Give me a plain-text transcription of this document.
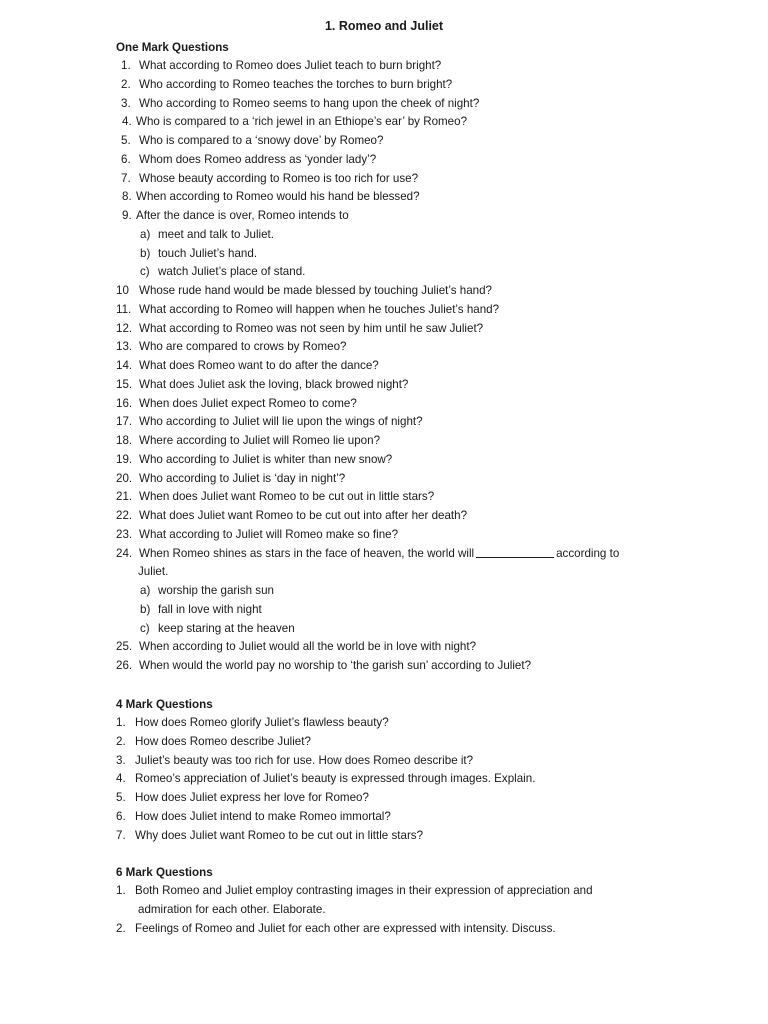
1. Romeo and Juliet
One Mark Questions
1. What according to Romeo does Juliet teach to burn bright?
2. Who according to Romeo teaches the torches to burn bright?
3. Who according to Romeo seems to hang upon the cheek of night?
4. Who is compared to a ‘rich jewel in an Ethiope’s ear’ by Romeo?
5. Who is compared to a ‘snowy dove’ by Romeo?
6. Whom does Romeo address as ‘yonder lady’?
7. Whose beauty according to Romeo is too rich for use?
8. When according to Romeo would his hand be blessed?
9. After the dance is over, Romeo intends to
a) meet and talk to Juliet.
b) touch Juliet’s hand.
c) watch Juliet’s place of stand.
10 Whose rude hand would be made blessed by touching Juliet’s hand?
11. What according to Romeo will happen when he touches Juliet’s hand?
12. What according to Romeo was not seen by him until he saw Juliet?
13. Who are compared to crows by Romeo?
14. What does Romeo want to do after the dance?
15. What does Juliet ask the loving, black browed night?
16. When does Juliet expect Romeo to come?
17. Who according to Juliet will lie upon the wings of night?
18. Where according to Juliet will Romeo lie upon?
19. Who according to Juliet is whiter than new snow?
20. Who according to Juliet is ‘day in night’?
21. When does Juliet want Romeo to be cut out in little stars?
22. What does Juliet want Romeo to be cut out into after her death?
23. What according to Juliet will Romeo make so fine?
24. When Romeo shines as stars in the face of heaven, the world will	according to
Juliet.
a) worship the garish sun
b) fall in love with night
c) keep staring at the heaven
25. When according to Juliet would all the world be in love with night?
26. When would the world pay no worship to ‘the garish sun’ according to Juliet?
4 Mark Questions
1. How does Romeo glorify Juliet’s flawless beauty?
2. How does Romeo describe Juliet?
3. Juliet’s beauty was too rich for use. How does Romeo describe it?
4. Romeo’s appreciation of Juliet’s beauty is expressed through images. Explain.
5. How does Juliet express her love for Romeo?
6. How does Juliet intend to make Romeo immortal?
7. Why does Juliet want Romeo to be cut out in little stars?
6 Mark Questions
1. Both Romeo and Juliet employ contrasting images in their expression of appreciation and
admiration for each other. Elaborate.
2. Feelings of Romeo and Juliet for each other are expressed with intensity. Discuss.
